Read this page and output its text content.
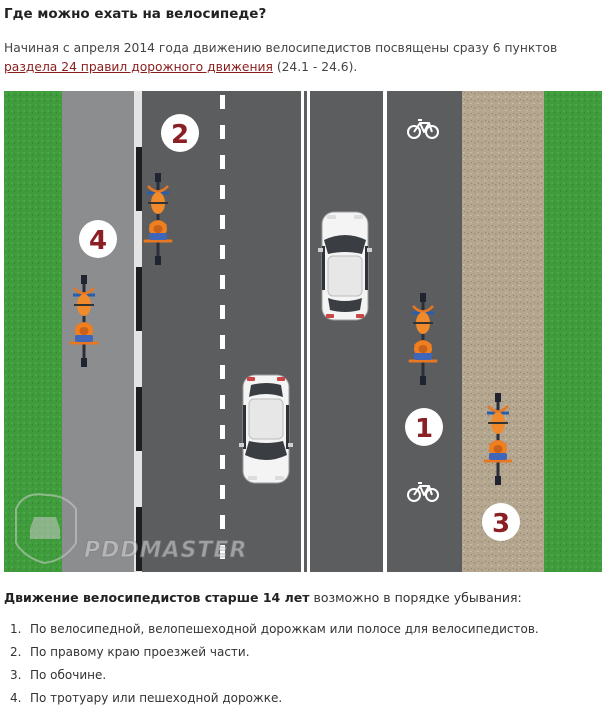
Где можно ехать на велосипеде?
Начиная с апреля 2014 года движению велосипедистов посвящены сразу 6 пунктов раздела 24 правил дорожного движения (24.1 - 24.6).
PDDMASTER
2
4
1
3
Движение велосипедистов старше 14 лет возможно в порядке убывания:
1. По велосипедной, велопешеходной дорожкам или полосе для велосипедистов.
2. По правому краю проезжей части.
3. По обочине.
4. По тротуару или пешеходной дорожке.
